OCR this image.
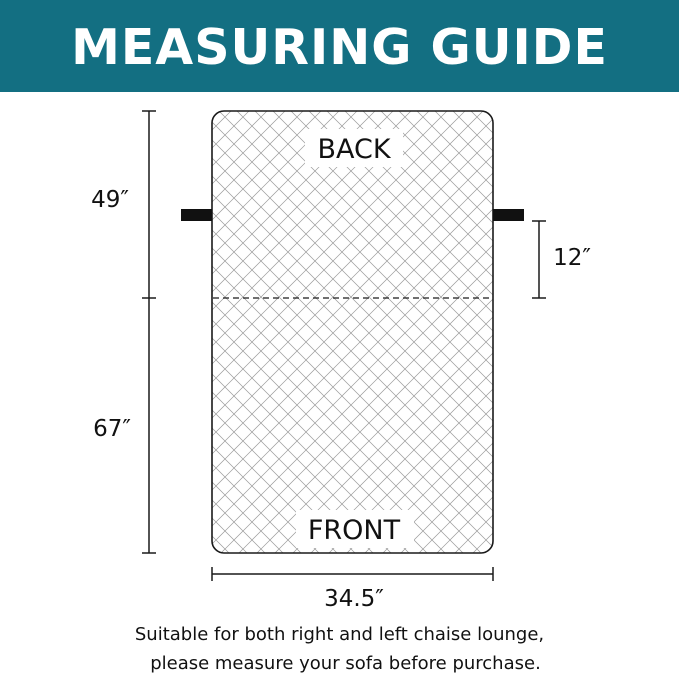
MEASURING GUIDE
BACK
FRONT
49″
67″
12″
34.5″
Suitable for both right and left chaise lounge,
please measure your sofa before purchase.
